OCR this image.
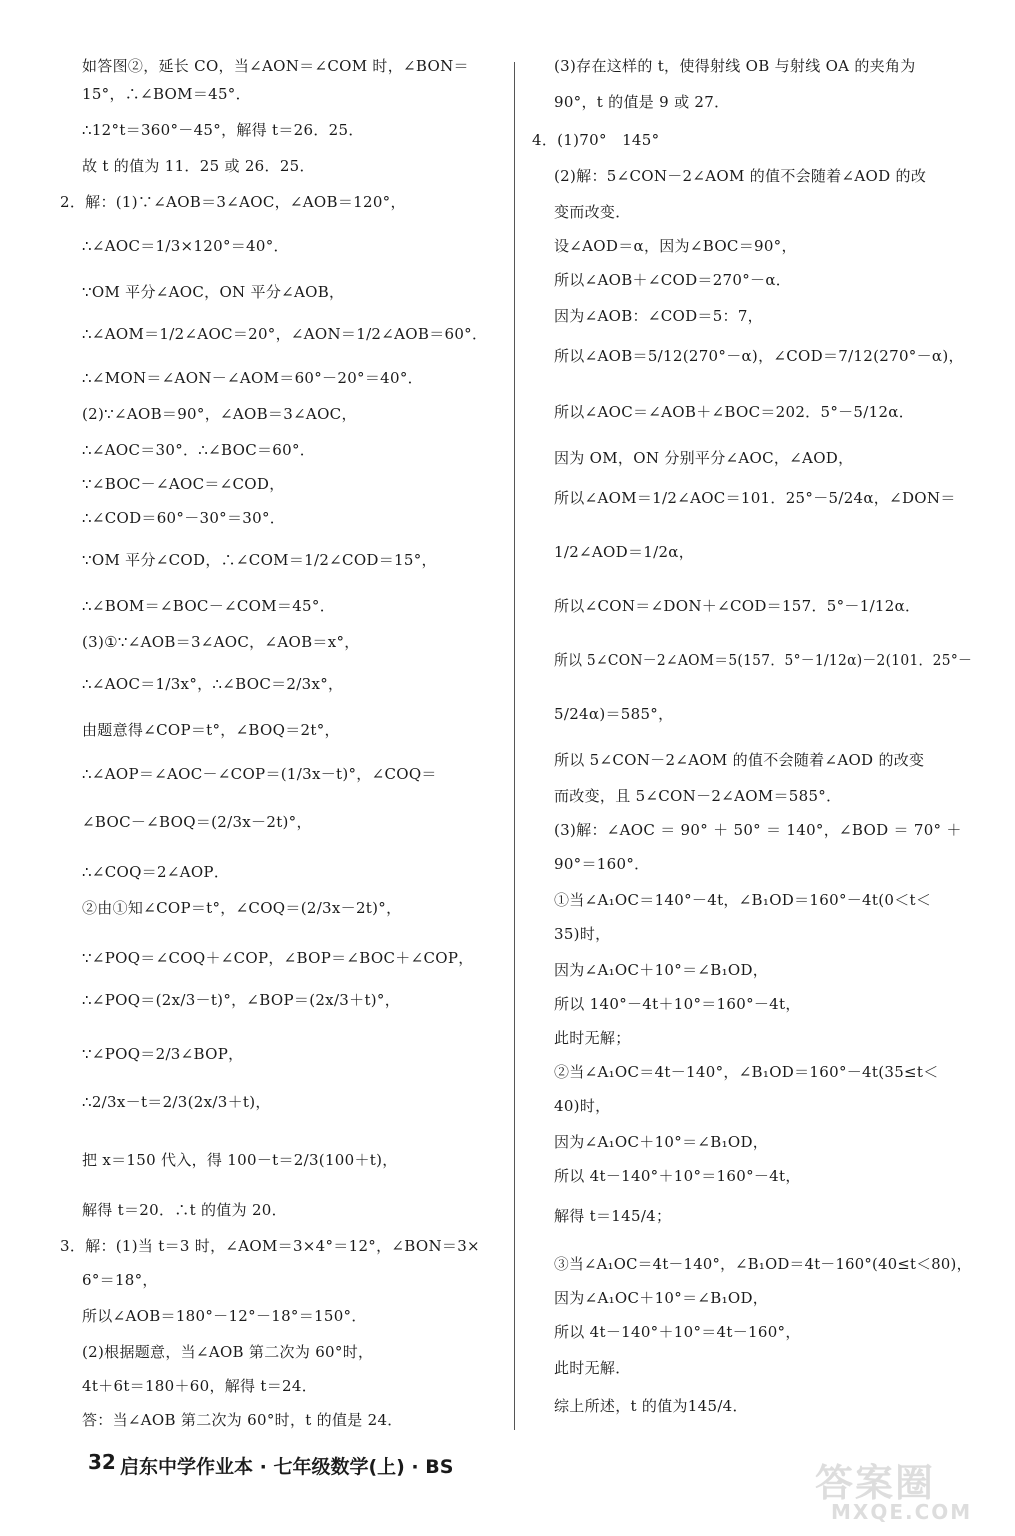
如答图②，延长 CO，当∠AON＝∠COM 时，∠BON＝
15°，∴∠BOM＝45°．
∴12°t＝360°－45°，解得 t＝26．25．
故 t 的值为 11．25 或 26．25．
2．解：(1)∵∠AOB＝3∠AOC，∠AOB＝120°，
∴∠AOC＝1/3×120°＝40°．
∵OM 平分∠AOC，ON 平分∠AOB，
∴∠AOM＝1/2∠AOC＝20°，∠AON＝1/2∠AOB＝60°．
∴∠MON＝∠AON－∠AOM＝60°－20°＝40°．
(2)∵∠AOB＝90°，∠AOB＝3∠AOC，
∴∠AOC＝30°．∴∠BOC＝60°．
∵∠BOC－∠AOC＝∠COD，
∴∠COD＝60°－30°＝30°．
∵OM 平分∠COD，∴∠COM＝1/2∠COD＝15°，
∴∠BOM＝∠BOC－∠COM＝45°．
(3)①∵∠AOB＝3∠AOC，∠AOB＝x°，
∴∠AOC＝1/3x°，∴∠BOC＝2/3x°，
由题意得∠COP＝t°，∠BOQ＝2t°，
∴∠AOP＝∠AOC－∠COP＝(1/3x－t)°，∠COQ＝
∠BOC－∠BOQ＝(2/3x－2t)°，
∴∠COQ＝2∠AOP．
②由①知∠COP＝t°，∠COQ＝(2/3x－2t)°，
∵∠POQ＝∠COQ＋∠COP，∠BOP＝∠BOC＋∠COP，
∴∠POQ＝(2x/3－t)°，∠BOP＝(2x/3＋t)°，
∵∠POQ＝2/3∠BOP，
∴2/3x－t＝2/3(2x/3＋t)，
把 x＝150 代入，得 100－t＝2/3(100＋t)，
解得 t＝20．∴t 的值为 20．
3．解：(1)当 t＝3 时，∠AOM＝3×4°＝12°，∠BON＝3×
6°＝18°，
所以∠AOB＝180°－12°－18°＝150°．
(2)根据题意，当∠AOB 第二次为 60°时，
4t＋6t＝180＋60，解得 t＝24．
答：当∠AOB 第二次为 60°时，t 的值是 24．
(3)存在这样的 t，使得射线 OB 与射线 OA 的夹角为
90°，t 的值是 9 或 27．
4．(1)70°　145°
(2)解：5∠CON－2∠AOM 的值不会随着∠AOD 的改
变而改变．
设∠AOD＝α，因为∠BOC＝90°，
所以∠AOB＋∠COD＝270°－α．
因为∠AOB：∠COD＝5：7，
所以∠AOB＝5/12(270°－α)，∠COD＝7/12(270°－α)，
所以∠AOC＝∠AOB＋∠BOC＝202．5°－5/12α．
因为 OM，ON 分别平分∠AOC，∠AOD，
所以∠AOM＝1/2∠AOC＝101．25°－5/24α，∠DON＝
1/2∠AOD＝1/2α，
所以∠CON＝∠DON＋∠COD＝157．5°－1/12α．
所以 5∠CON－2∠AOM＝5(157．5°－1/12α)－2(101．25°－
5/24α)＝585°，
所以 5∠CON－2∠AOM 的值不会随着∠AOD 的改变
而改变，且 5∠CON－2∠AOM＝585°．
(3)解：∠AOC ＝ 90° ＋ 50° ＝ 140°，∠BOD ＝ 70° ＋
90°＝160°．
①当∠A₁OC＝140°－4t，∠B₁OD＝160°－4t(0＜t＜
35)时，
因为∠A₁OC＋10°＝∠B₁OD，
所以 140°－4t＋10°＝160°－4t，
此时无解；
②当∠A₁OC＝4t－140°，∠B₁OD＝160°－4t(35≤t＜
40)时，
因为∠A₁OC＋10°＝∠B₁OD，
所以 4t－140°＋10°＝160°－4t，
解得 t＝145/4；
③当∠A₁OC＝4t－140°，∠B₁OD＝4t－160°(40≤t＜80)，
因为∠A₁OC＋10°＝∠B₁OD，
所以 4t－140°＋10°＝4t－160°，
此时无解．
综上所述，t 的值为145/4．
32 启东中学作业本 · 七年级数学(上) · BS	答案圈
MXQE.COM
